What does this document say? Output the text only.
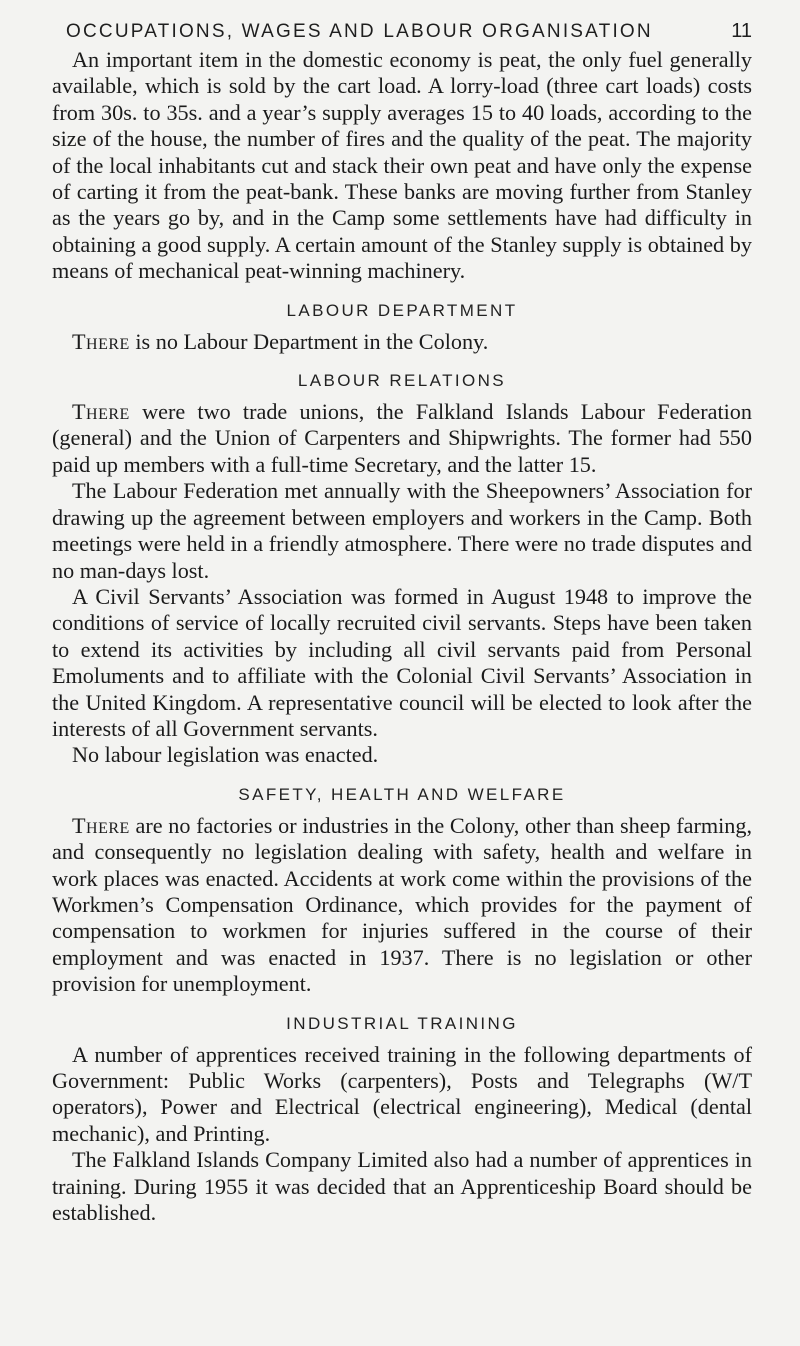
OCCUPATIONS, WAGES AND LABOUR ORGANISATION	11

An important item in the domestic economy is peat, the only fuel generally available, which is sold by the cart load. A lorry-load (three cart loads) costs from 30s. to 35s. and a year’s supply averages 15 to 40 loads, according to the size of the house, the number of fires and the quality of the peat. The majority of the local inhabitants cut and stack their own peat and have only the expense of carting it from the peat-bank. These banks are moving further from Stanley as the years go by, and in the Camp some settlements have had difficulty in obtaining a good supply. A certain amount of the Stanley supply is obtained by means of mechanical peat-winning machinery.

LABOUR DEPARTMENT

There is no Labour Department in the Colony.

LABOUR RELATIONS

There were two trade unions, the Falkland Islands Labour Federation (general) and the Union of Carpenters and Shipwrights. The former had 550 paid up members with a full-time Secretary, and the latter 15.

The Labour Federation met annually with the Sheepowners’ Association for drawing up the agreement between employers and workers in the Camp. Both meetings were held in a friendly atmosphere. There were no trade disputes and no man-days lost.

A Civil Servants’ Association was formed in August 1948 to improve the conditions of service of locally recruited civil servants. Steps have been taken to extend its activities by including all civil servants paid from Personal Emoluments and to affiliate with the Colonial Civil Servants’ Association in the United Kingdom. A representative council will be elected to look after the interests of all Government servants.

No labour legislation was enacted.

SAFETY, HEALTH AND WELFARE

There are no factories or industries in the Colony, other than sheep farming, and consequently no legislation dealing with safety, health and welfare in work places was enacted. Accidents at work come within the provisions of the Workmen’s Compensation Ordinance, which provides for the payment of compensation to workmen for injuries suffered in the course of their employment and was enacted in 1937. There is no legislation or other provision for unemployment.

INDUSTRIAL TRAINING

A number of apprentices received training in the following departments of Government: Public Works (carpenters), Posts and Telegraphs (W/T operators), Power and Electrical (electrical engineering), Medical (dental mechanic), and Printing.

The Falkland Islands Company Limited also had a number of apprentices in training. During 1955 it was decided that an Apprenticeship Board should be established.
